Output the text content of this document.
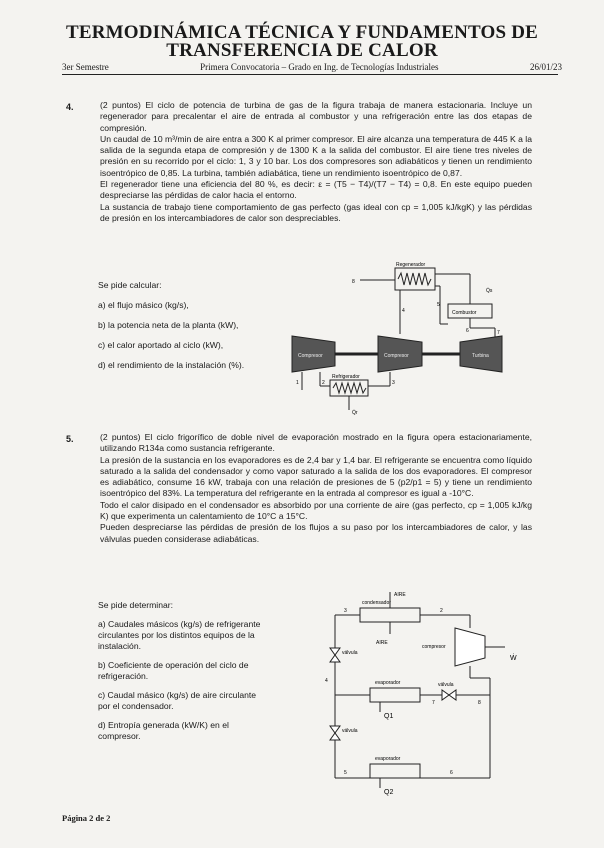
TERMODINÁMICA TÉCNICA Y FUNDAMENTOS DE
TRANSFERENCIA DE CALOR
3er Semestre	Primera Convocatoria – Grado en Ing. de Tecnologías Industriales	26/01/23
4.	(2 puntos) El ciclo de potencia de turbina de gas de la figura trabaja de manera estacionaria. Incluye un regenerador para precalentar el aire de entrada al combustor y una refrigeración entre las dos etapas de compresión.

Un caudal de 10 m³/min de aire entra a 300 K al primer compresor. El aire alcanza una temperatura de 445 K a la salida de la segunda etapa de compresión y de 1300 K a la salida del combustor. El aire tiene tres niveles de presión en su recorrido por el ciclo: 1, 3 y 10 bar. Los dos compresores son adiabáticos y tienen un rendimiento isoentrópico de 0,85. La turbina, también adiabática, tiene un rendimiento isoentrópico de 0,87.

El regenerador tiene una eficiencia del 80 %, es decir: ε = (T5 − T4)/(T7 − T4) = 0,8. En este equipo pueden despreciarse las pérdidas de calor hacia el entorno.

La sustancia de trabajo tiene comportamiento de gas perfecto (gas ideal con cp = 1,005 kJ/kgK) y las pérdidas de presión en los intercambiadores de calor son despreciables.

Se pide calcular:
a) el flujo másico (kg/s),
b) la potencia neta de la planta (kW),
c) el calor aportado al ciclo (kW),
d) el rendimiento de la instalación (%).
Compresor	Compresor	Turbina
Regenerador
Combustor
Q̇s
Refrigerador
Q̇r
8
5
4
6	7
1	2	3
5.	(2 puntos) El ciclo frigorífico de doble nivel de evaporación mostrado en la figura opera estacionariamente, utilizando R134a como sustancia refrigerante.

La presión de la sustancia en los evaporadores es de 2,4 bar y 1,4 bar. El refrigerante se encuentra como líquido saturado a la salida del condensador y como vapor saturado a la salida de los dos evaporadores. El compresor es adiabático, consume 16 kW, trabaja con una relación de presiones de 5 (p2/p1 = 5) y tiene un rendimiento isoentrópico del 83%. La temperatura del refrigerante en la entrada al compresor es igual a -10°C.

Todo el calor disipado en el condensador es absorbido por una corriente de aire (gas perfecto, cp = 1,005 kJ/kg K) que experimenta un calentamiento de 10°C a 15°C.

Pueden despreciarse las pérdidas de presión de los flujos a su paso por los intercambiadores de calor, y las válvulas pueden considerase adiabáticas.

Se pide determinar:
a) Caudales másicos (kg/s) de refrigerante circulantes por los distintos equipos de la instalación.
b) Coeficiente de operación del ciclo de refrigeración.
c) Caudal másico (kg/s) de aire circulante por el condensador.
d) Entropía generada (kW/K) en el compresor.
condensador
AIRE
AIRE
compresor
Ẇ
válvula
evaporador	válvula
válvula
evaporador
Q1
Q2
3	2
4
7	8
5	6
Página 2 de 2
